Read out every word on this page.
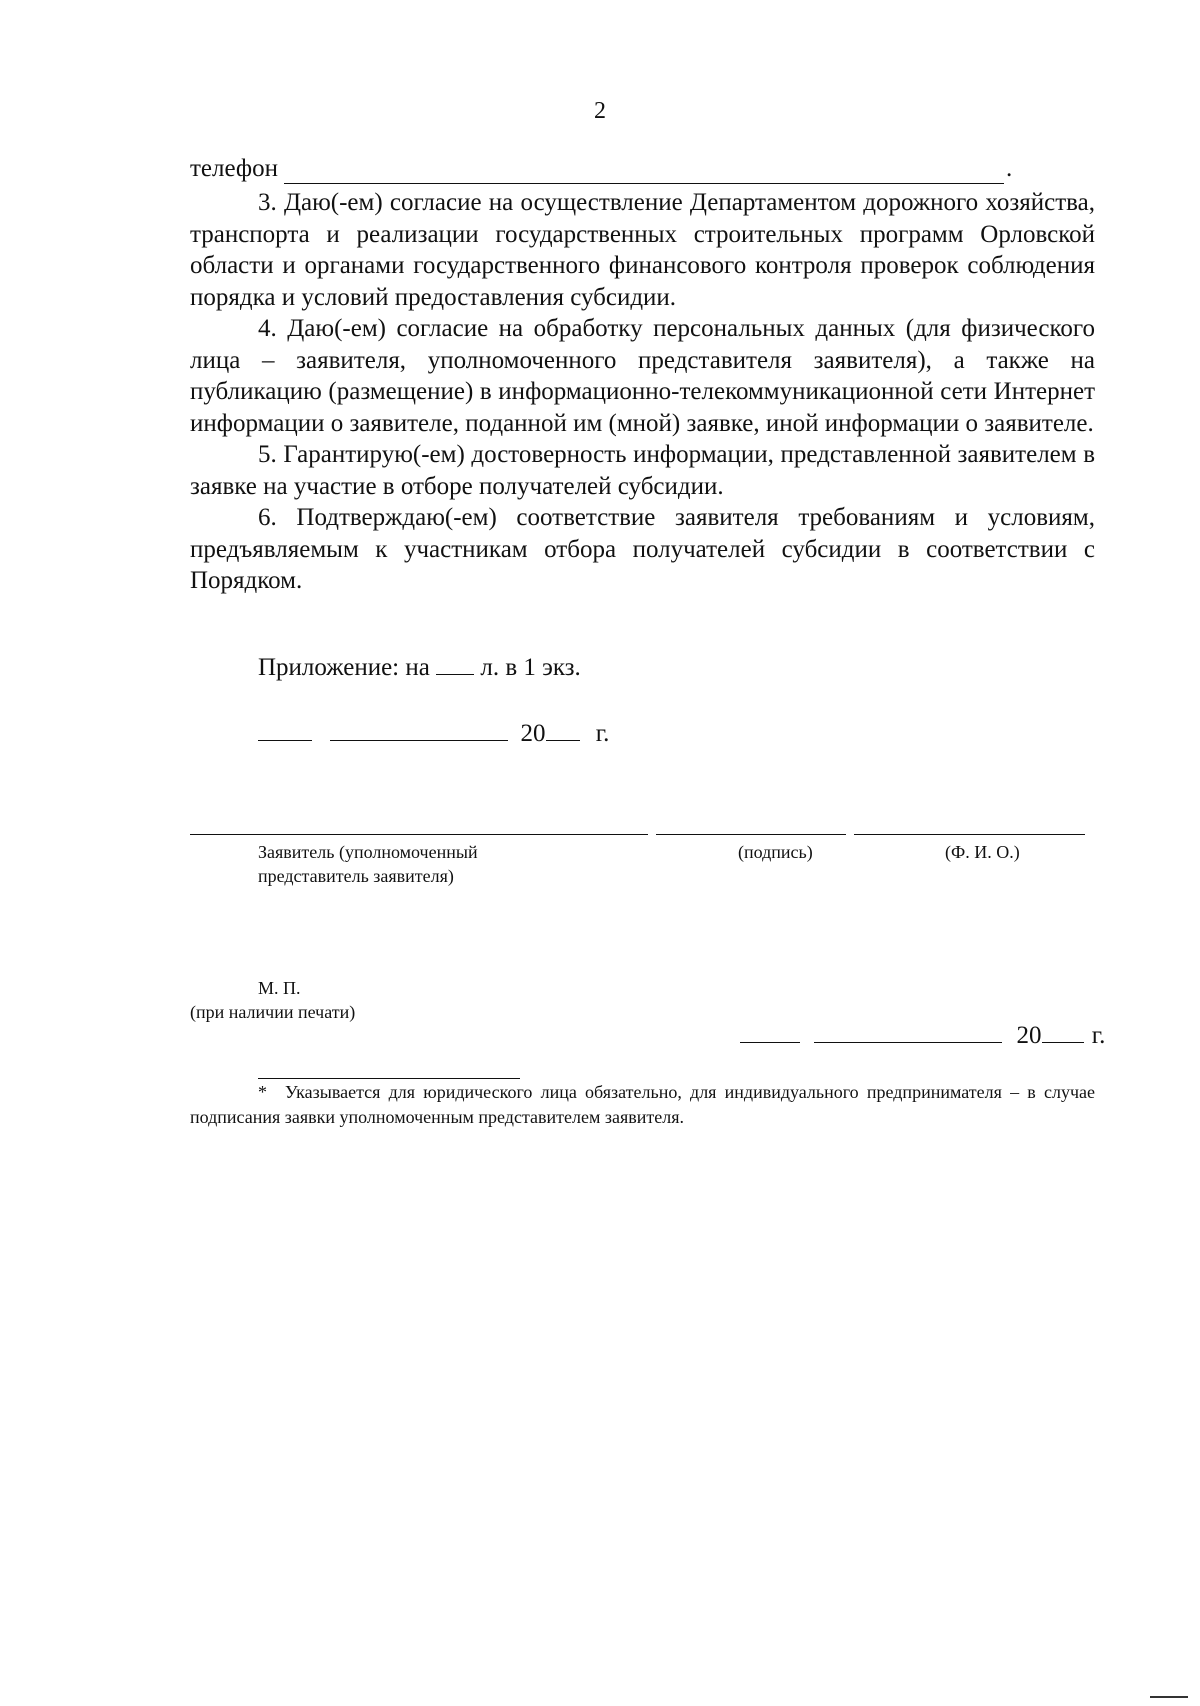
2
телефон	.

3. Даю(-ем) согласие на осуществление Департаментом дорожного хозяйства, транспорта и реализации государственных строительных программ Орловской области и органами государственного финансового контроля проверок соблюдения порядка и условий предоставления субсидии.

4. Даю(-ем) согласие на обработку персональных данных (для физического лица – заявителя, уполномоченного представителя заявителя), а также на публикацию (размещение) в информационно-телекоммуникационной сети Интернет информации о заявителе, поданной им (мной) заявке, иной информации о заявителе.

5. Гарантирую(-ем) достоверность информации, представленной заявителем в заявке на участие в отборе получателей субсидии.

6. Подтверждаю(-ем) соответствие заявителя требованиям и условиям, предъявляемым к участникам отбора получателей субсидии в соответствии с Порядком.

Приложение: на л. в 1 экз.
20 г.
Заявитель (уполномоченный представитель заявителя)
(подпись)	(Ф. И. О.)
М. П.
(при наличии печати)
20 г.

* Указывается для юридического лица обязательно, для индивидуального предпринимателя – в случае подписания заявки уполномоченным представителем заявителя.
